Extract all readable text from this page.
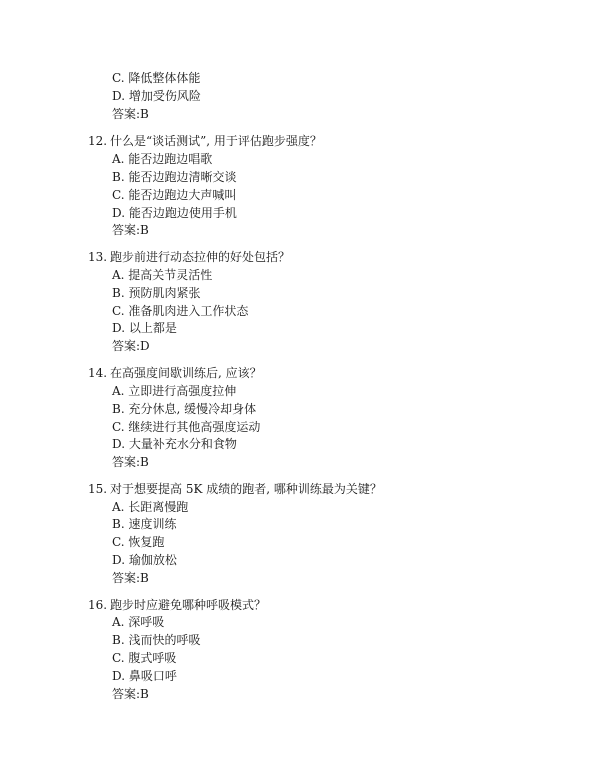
C. 降低整体体能
D. 增加受伤风险
答案:B
12. 什么是“谈话测试”, 用于评估跑步强度？
A. 能否边跑边唱歌
B. 能否边跑边清晰交谈
C. 能否边跑边大声喊叫
D. 能否边跑边使用手机
答案:B
13. 跑步前进行动态拉伸的好处包括？
A. 提高关节灵活性
B. 预防肌肉紧张
C. 准备肌肉进入工作状态
D. 以上都是
答案:D
14. 在高强度间歇训练后, 应该？
A. 立即进行高强度拉伸
B. 充分休息, 缓慢冷却身体
C. 继续进行其他高强度运动
D. 大量补充水分和食物
答案:B
15. 对于想要提高 5K 成绩的跑者, 哪种训练最为关键？
A. 长距离慢跑
B. 速度训练
C. 恢复跑
D. 瑜伽放松
答案:B
16. 跑步时应避免哪种呼吸模式？
A. 深呼吸
B. 浅而快的呼吸
C. 腹式呼吸
D. 鼻吸口呼
答案:B
